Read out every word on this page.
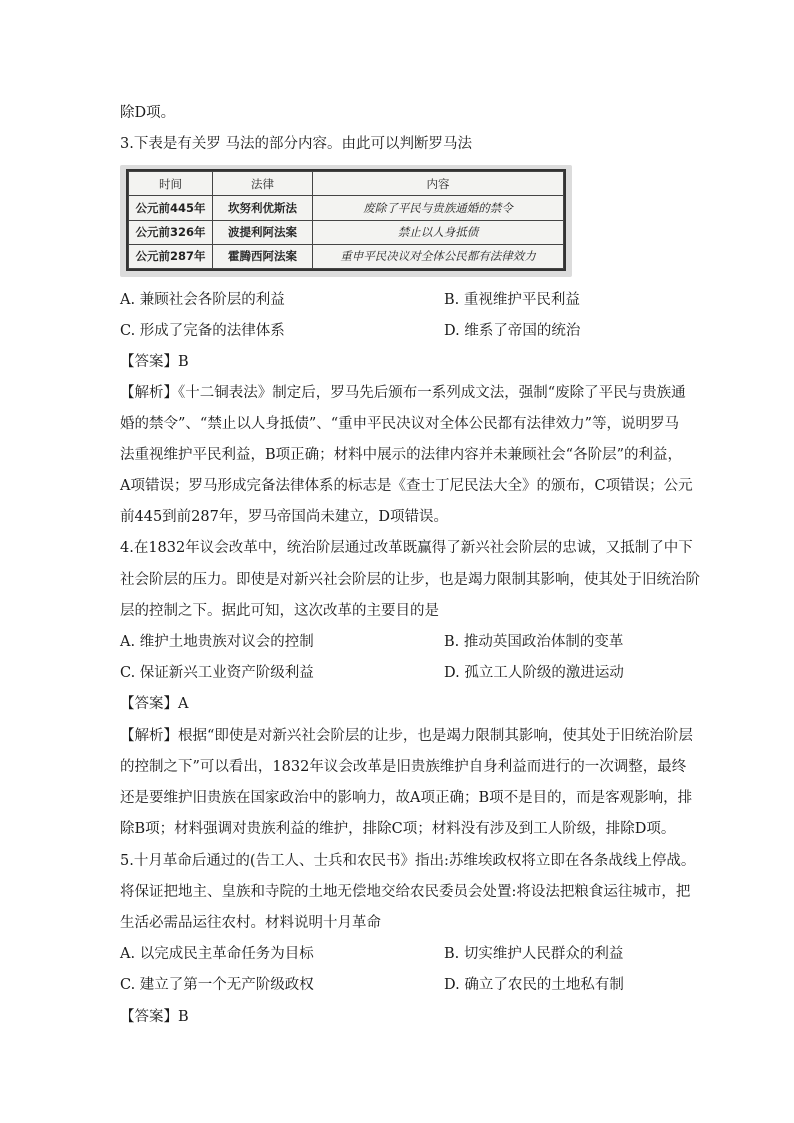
除D项。
3.下表是有关罗 马法的部分内容。由此可以判断罗马法
时间	法律	内容
公元前445年	坎努利优斯法	废除了平民与贵族通婚的禁令
公元前326年	波提利阿法案	禁止以人身抵债
公元前287年	霍腾西阿法案	重申平民决议对全体公民都有法律效力
A. 兼顾社会各阶层的利益	B. 重视维护平民利益
C. 形成了完备的法律体系	D. 维系了帝国的统治
【答案】B
【解析】《十二铜表法》制定后，罗马先后颁布一系列成文法，强制“废除了平民与贵族通
婚的禁令”、“禁止以人身抵债”、“重申平民决议对全体公民都有法律效力”等，说明罗马
法重视维护平民利益，B项正确；材料中展示的法律内容并未兼顾社会“各阶层”的利益，
A项错误；罗马形成完备法律体系的标志是《查士丁尼民法大全》的颁布，C项错误；公元
前445到前287年，罗马帝国尚未建立，D项错误。
4.在1832年议会改革中，统治阶层通过改革既赢得了新兴社会阶层的忠诚，又抵制了中下
社会阶层的压力。即使是对新兴社会阶层的让步，也是竭力限制其影响，使其处于旧统治阶
层的控制之下。据此可知，这次改革的主要目的是
A. 维护土地贵族对议会的控制	B. 推动英国政治体制的变革
C. 保证新兴工业资产阶级利益	D. 孤立工人阶级的激进运动
【答案】A
【解析】根据“即使是对新兴社会阶层的让步，也是竭力限制其影响，使其处于旧统治阶层
的控制之下”可以看出，1832年议会改革是旧贵族维护自身利益而进行的一次调整，最终
还是要维护旧贵族在国家政治中的影响力，故A项正确；B项不是目的，而是客观影响，排
除B项；材料强调对贵族利益的维护，排除C项；材料没有涉及到工人阶级，排除D项。
5.十月革命后通过的(告工人、士兵和农民书》指出:苏维埃政权将立即在各条战线上停战。
将保证把地主、皇族和寺院的土地无偿地交给农民委员会处置:将设法把粮食运往城市，把
生活必需品运往农村。材料说明十月革命
A. 以完成民主革命任务为目标	B. 切实维护人民群众的利益
C. 建立了第一个无产阶级政权	D. 确立了农民的土地私有制
【答案】B
